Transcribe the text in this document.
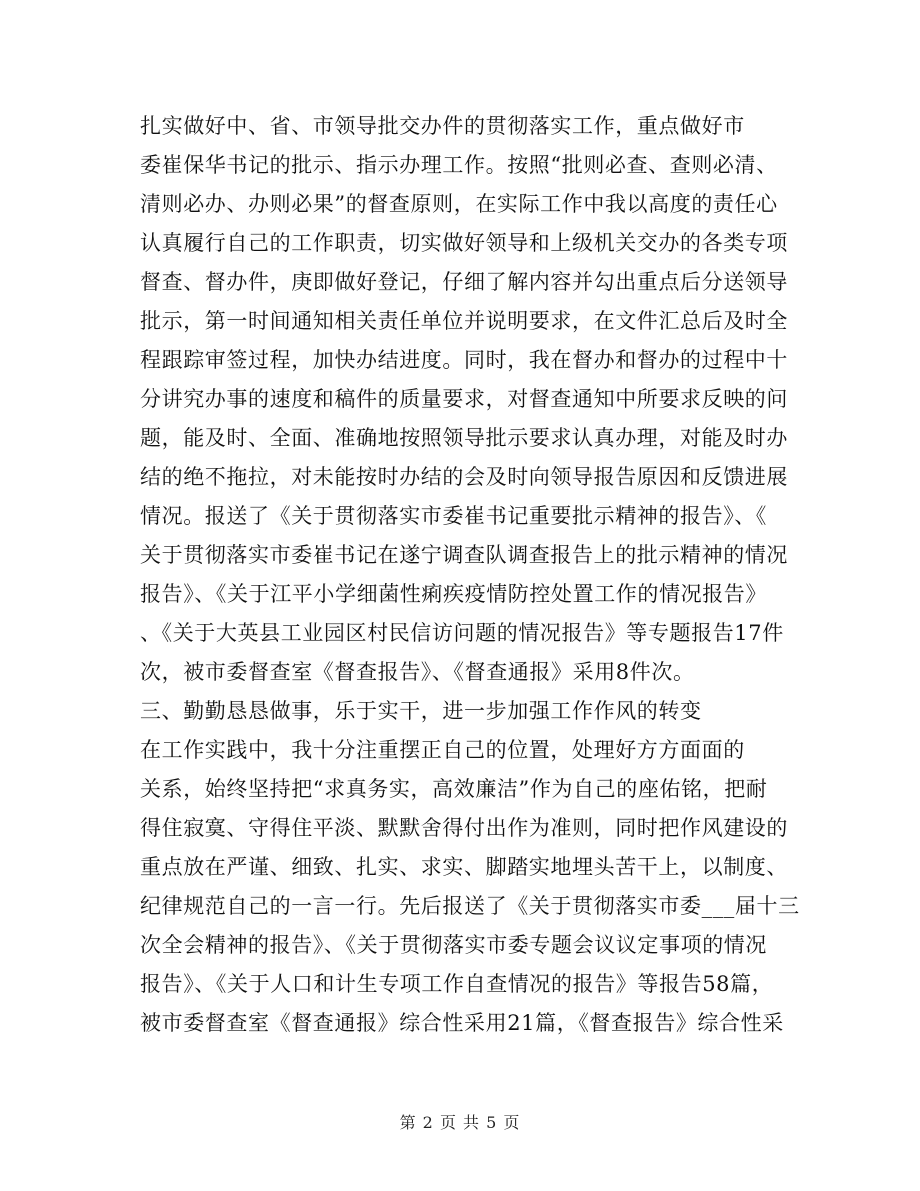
扎实做好中、省、市领导批交办件的贯彻落实工作，重点做好市
委崔保华书记的批示、指示办理工作。按照“批则必查、查则必清、
清则必办、办则必果”的督查原则，在实际工作中我以高度的责任心
认真履行自己的工作职责，切实做好领导和上级机关交办的各类专项
督查、督办件，庚即做好登记，仔细了解内容并勾出重点后分送领导
批示，第一时间通知相关责任单位并说明要求，在文件汇总后及时全
程跟踪审签过程，加快办结进度。同时，我在督办和督办的过程中十
分讲究办事的速度和稿件的质量要求，对督查通知中所要求反映的问
题，能及时、全面、准确地按照领导批示要求认真办理，对能及时办
结的绝不拖拉，对未能按时办结的会及时向领导报告原因和反馈进展
情况。报送了《关于贯彻落实市委崔书记重要批示精神的报告》、《
关于贯彻落实市委崔书记在遂宁调查队调查报告上的批示精神的情况
报告》、《关于江平小学细菌性痢疾疫情防控处置工作的情况报告》
、《关于大英县工业园区村民信访问题的情况报告》等专题报告17件
次，被市委督查室《督查报告》、《督查通报》采用8件次。
三、勤勤恳恳做事，乐于实干，进一步加强工作作风的转变
在工作实践中，我十分注重摆正自己的位置，处理好方方面面的
关系，始终坚持把“求真务实，高效廉洁”作为自己的座佑铭，把耐
得住寂寞、守得住平淡、默默舍得付出作为准则，同时把作风建设的
重点放在严谨、细致、扎实、求实、脚踏实地埋头苦干上，以制度、
纪律规范自己的一言一行。先后报送了《关于贯彻落实市委___届十三
次全会精神的报告》、《关于贯彻落实市委专题会议议定事项的情况
报告》、《关于人口和计生专项工作自查情况的报告》等报告58篇，
被市委督查室《督查通报》综合性采用21篇，《督查报告》综合性采
第 2 页 共 5 页
